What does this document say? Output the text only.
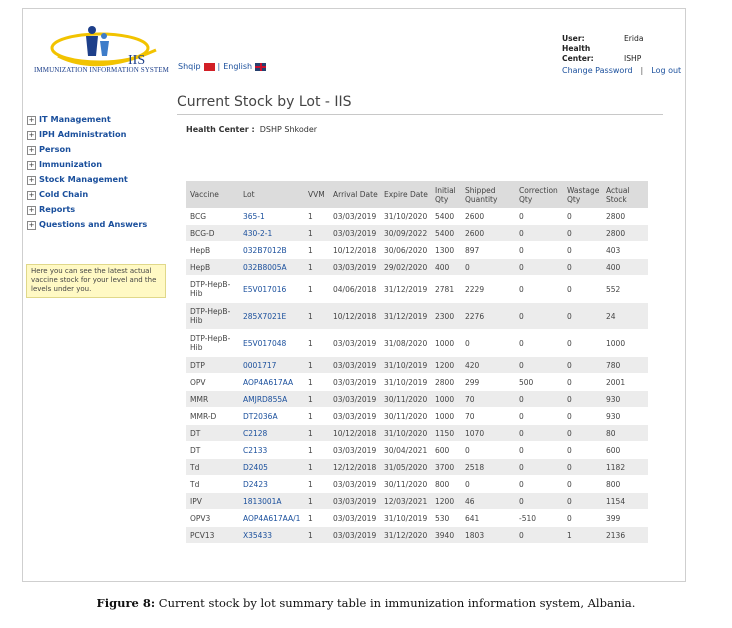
IIS
IMMUNIZATION INFORMATION SYSTEM Shqip | English
User:	Erida
Health Center:	ISHP
Change Password | Log out
+ IT Management
+ IPH Administration
+ Person
+ Immunization
+ Stock Management
+ Cold Chain
+ Reports
+ Questions and Answers
Here you can see the latest actual vaccine stock for your level and the levels under you.
Current Stock by Lot - IIS
Health Center : DSHP Shkoder
Vaccine	Lot	VVM	Arrival Date	Expire Date	Initial Qty	Shipped Quantity	Correction Qty	Wastage Qty	Actual Stock
BCG	365-1	1	03/03/2019	31/10/2020	5400	2600	0	0	2800
BCG-D	430-2-1	1	03/03/2019	30/09/2022	5400	2600	0	0	2800
HepB	032B7012B	1	10/12/2018	30/06/2020	1300	897	0	0	403
HepB	032B8005A	1	03/03/2019	29/02/2020	400	0	0	0	400
DTP-HepB-Hib	E5V017016	1	04/06/2018	31/12/2019	2781	2229	0	0	552
DTP-HepB-Hib	285X7021E	1	10/12/2018	31/12/2019	2300	2276	0	0	24
DTP-HepB-Hib	E5V017048	1	03/03/2019	31/08/2020	1000	0	0	0	1000
DTP	0001717	1	03/03/2019	31/10/2019	1200	420	0	0	780
OPV	AOP4A617AA	1	03/03/2019	31/10/2019	2800	299	500	0	2001
MMR	AMJRD855A	1	03/03/2019	30/11/2020	1000	70	0	0	930
MMR-D	DT2036A	1	03/03/2019	30/11/2020	1000	70	0	0	930
DT	C2128	1	10/12/2018	31/10/2020	1150	1070	0	0	80
DT	C2133	1	03/03/2019	30/04/2021	600	0	0	0	600
Td	D2405	1	12/12/2018	31/05/2020	3700	2518	0	0	1182
Td	D2423	1	03/03/2019	30/11/2020	800	0	0	0	800
IPV	1813001A	1	03/03/2019	12/03/2021	1200	46	0	0	1154
OPV3	AOP4A617AA/1	1	03/03/2019	31/10/2019	530	641	-510	0	399
PCV13	X35433	1	03/03/2019	31/12/2020	3940	1803	0	1	2136
Figure 8: Current stock by lot summary table in immunization information system, Albania.
